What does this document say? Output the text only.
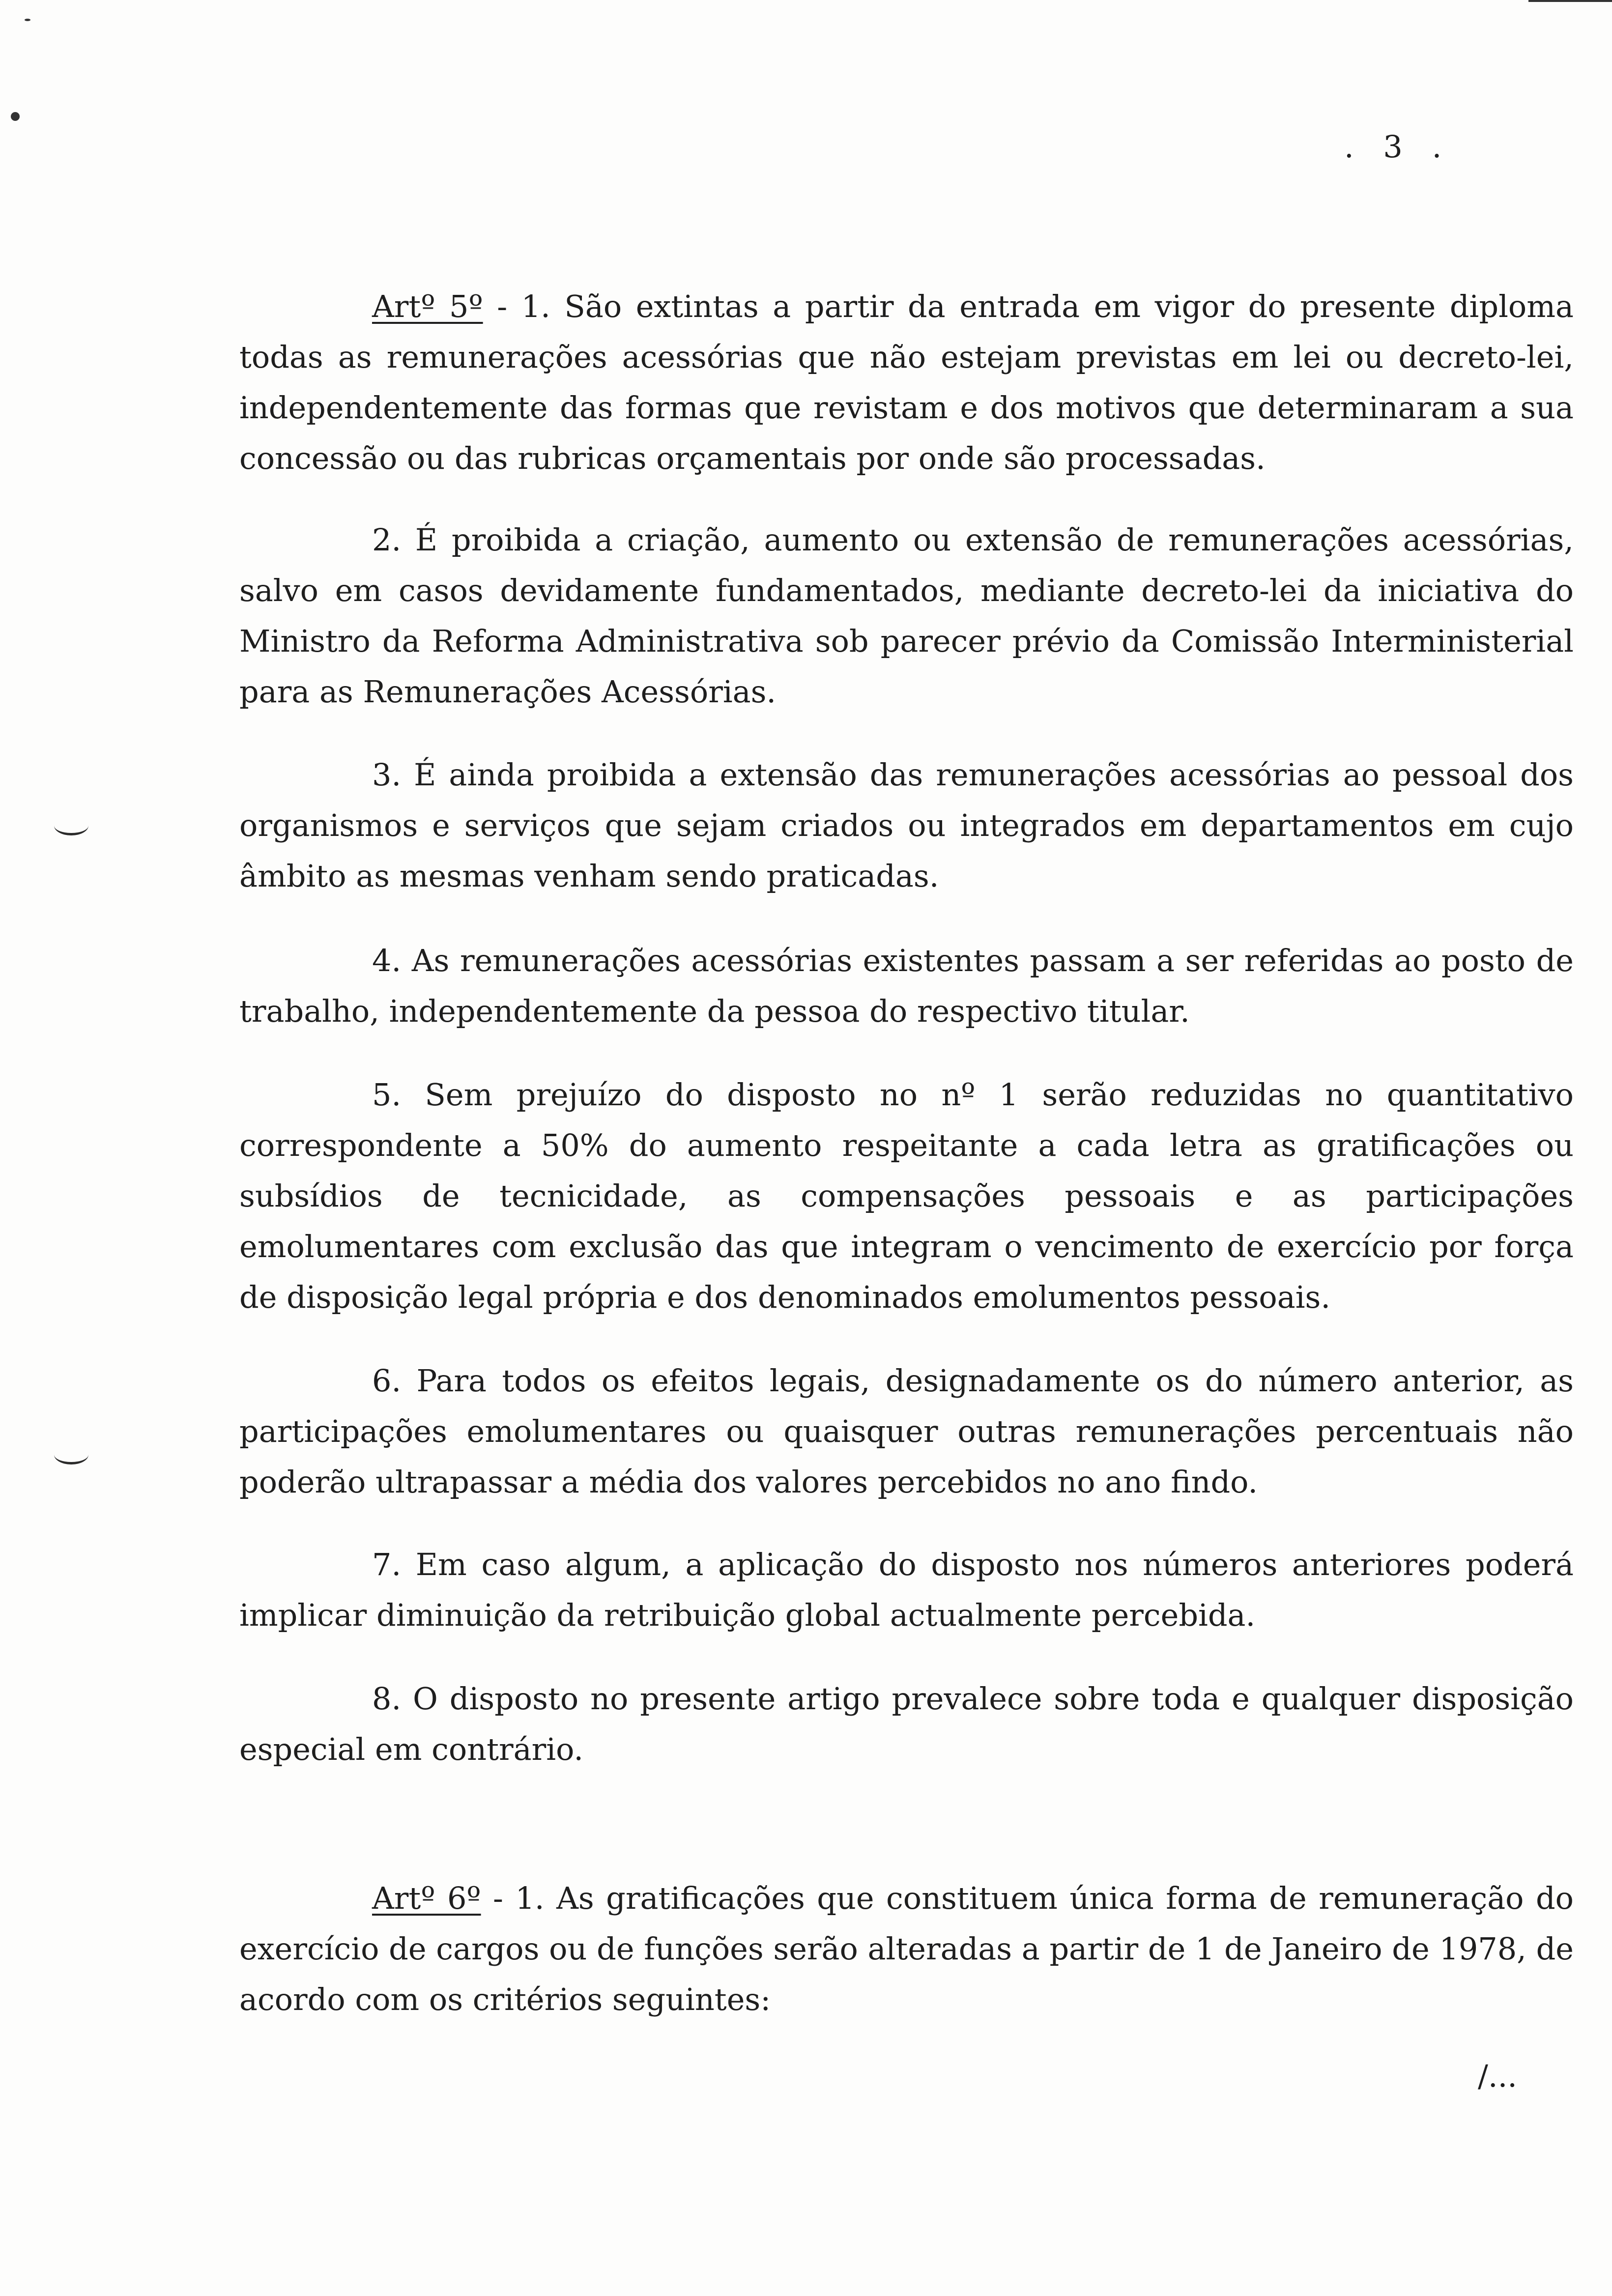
. 3 .

Artº 5º - 1. São extintas a partir da entrada em vigor do presente diploma todas as remunerações acessórias que não estejam previstas em lei ou decreto-lei, independentemente das formas que revistam e dos motivos que determinaram a sua concessão ou das rubricas orçamentais por onde são processadas.

2. É proibida a criação, aumento ou extensão de remunerações acessórias, salvo em casos devidamente fundamentados, mediante decreto-lei da iniciativa do Ministro da Reforma Administrativa sob parecer prévio da Comissão Interministerial para as Remunerações Acessórias.

3. É ainda proibida a extensão das remunerações acessórias ao pessoal dos organismos e serviços que sejam criados ou integrados em departamentos em cujo âmbito as mesmas venham sendo praticadas.

4. As remunerações acessórias existentes passam a ser referidas ao posto de trabalho, independentemente da pessoa do respectivo titular.

5. Sem prejuízo do disposto no nº 1 serão reduzidas no quantitativo correspondente a 50% do aumento respeitante a cada letra as gratificações ou subsídios de tecnicidade, as compensações pessoais e as participações emolumentares com exclusão das que integram o vencimento de exercício por força de disposição legal própria e dos denominados emolumentos pessoais.

6. Para todos os efeitos legais, designadamente os do número anterior, as participações emolumentares ou quaisquer outras remunerações percentuais não poderão ultrapassar a média dos valores percebidos no ano findo.

7. Em caso algum, a aplicação do disposto nos números anteriores poderá implicar diminuição da retribuição global actualmente percebida.

8. O disposto no presente artigo prevalece sobre toda e qualquer disposição especial em contrário.

Artº 6º - 1. As gratificações que constituem única forma de remuneração do exercício de cargos ou de funções serão alteradas a partir de 1 de Janeiro de 1978, de acordo com os critérios seguintes:

/...
